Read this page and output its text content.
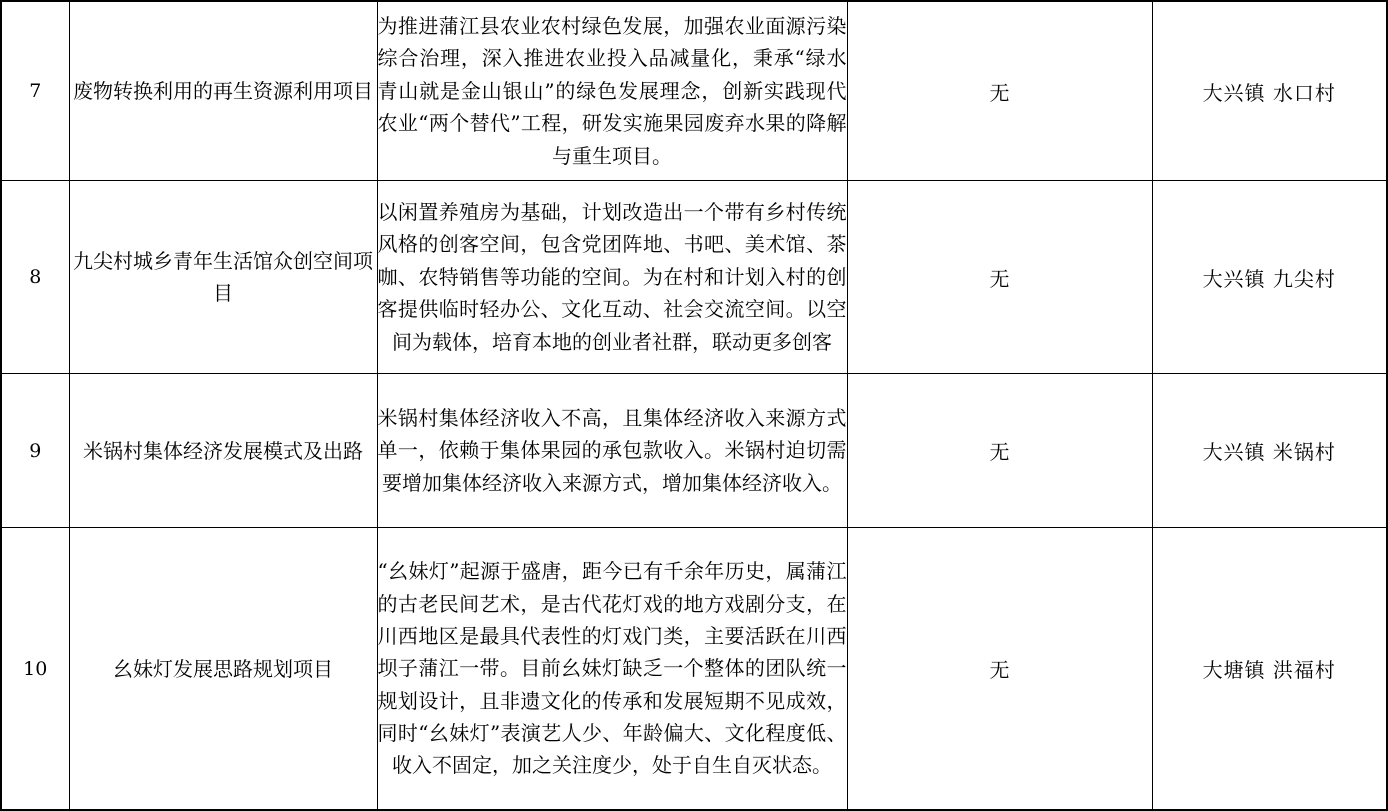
7	废物转换利用的再生资源利用项目	为推进蒲江县农业农村绿色发展，加强农业面源污染综合治理，深入推进农业投入品减量化，秉承“绿水青山就是金山银山”的绿色发展理念，创新实践现代农业“两个替代”工程，研发实施果园废弃水果的降解与重生项目。	无	大兴镇 水口村
8	九尖村城乡青年生活馆众创空间项目	以闲置养殖房为基础，计划改造出一个带有乡村传统风格的创客空间，包含党团阵地、书吧、美术馆、茶咖、农特销售等功能的空间。为在村和计划入村的创客提供临时轻办公、文化互动、社会交流空间。以空间为载体，培育本地的创业者社群，联动更多创客	无	大兴镇 九尖村
9	米锅村集体经济发展模式及出路	米锅村集体经济收入不高，且集体经济收入来源方式单一，依赖于集体果园的承包款收入。米锅村迫切需要增加集体经济收入来源方式，增加集体经济收入。	无	大兴镇 米锅村
10	幺妹灯发展思路规划项目	“幺妹灯”起源于盛唐，距今已有千余年历史，属蒲江的古老民间艺术，是古代花灯戏的地方戏剧分支，在川西地区是最具代表性的灯戏门类，主要活跃在川西坝子蒲江一带。目前幺妹灯缺乏一个整体的团队统一规划设计，且非遗文化的传承和发展短期不见成效，同时“幺妹灯”表演艺人少、年龄偏大、文化程度低、收入不固定，加之关注度少，处于自生自灭状态。	无	大塘镇 洪福村
